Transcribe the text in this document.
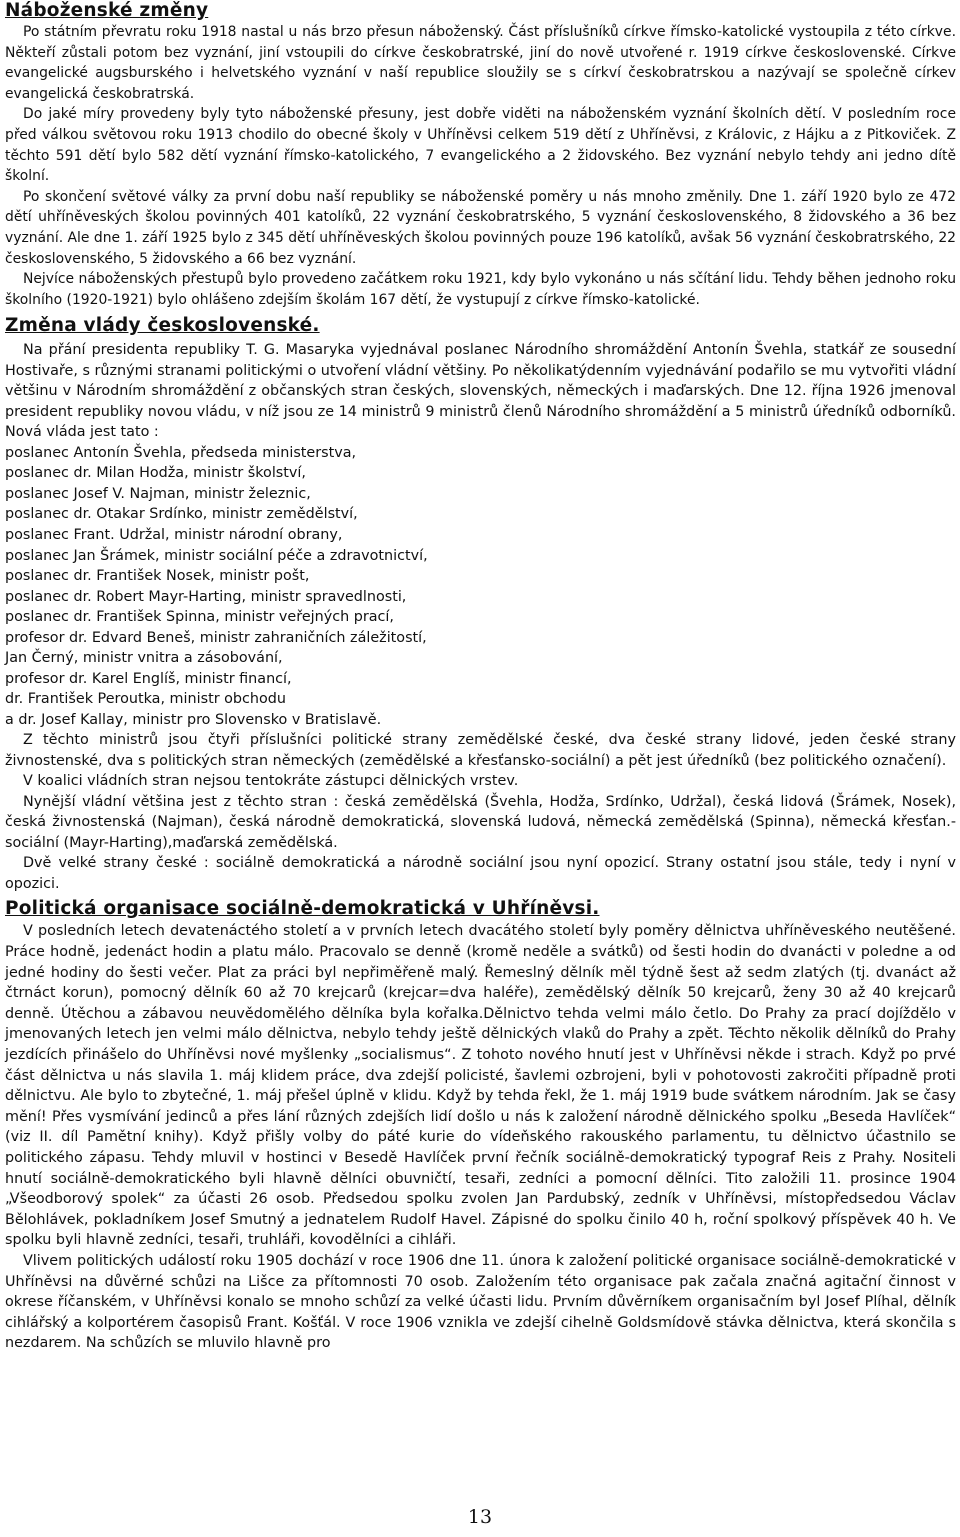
Náboženské změny

Po státním převratu roku 1918 nastal u nás brzo přesun náboženský. Část příslušníků církve římsko-katolické vystoupila z této církve. Někteří zůstali potom bez vyznání, jiní vstoupili do církve českobratrské, jiní do nově utvořené r. 1919 církve československé. Církve evangelické augsburského i helvetského vyznání v naší republice sloužily se s církví českobratrskou a nazývají se společně církev evangelická českobratrská.

Do jaké míry provedeny byly tyto náboženské přesuny, jest dobře viděti na náboženském vyznání školních dětí. V posledním roce před válkou světovou roku 1913 chodilo do obecné školy v Uhříněvsi celkem 519 dětí z Uhříněvsi, z Královic, z Hájku a z Pitkoviček. Z těchto 591 dětí bylo 582 dětí vyznání římsko-katolického, 7 evangelického a 2 židovského. Bez vyznání nebylo tehdy ani jedno dítě školní.

Po skončení světové války za první dobu naší republiky se náboženské poměry u nás mnoho změnily. Dne 1. září 1920 bylo ze 472 dětí uhříněveských školou povinných 401 katolíků, 22 vyznání českobratrského, 5 vyznání československého, 8 židovského a 36 bez vyznání. Ale dne 1. září 1925 bylo z 345 dětí uhříněveských školou povinných pouze 196 katolíků, avšak 56 vyznání českobratrského, 22 československého, 5 židovského a 66 bez vyznání.

Nejvíce náboženských přestupů bylo provedeno začátkem roku 1921, kdy bylo vykonáno u nás sčítání lidu. Tehdy běhen jednoho roku školního (1920-1921) bylo ohlášeno zdejším školám 167 dětí, že vystupují z církve římsko-katolické.

Změna vlády československé.

Na přání presidenta republiky T. G. Masaryka vyjednával poslanec Národního shromáždění Antonín Švehla, statkář ze sousední Hostivaře, s různými stranami politickými o utvoření vládní většiny. Po několikatýdenním vyjednávání podařilo se mu vytvořiti vládní většinu v Národním shromáždění z občanských stran českých, slovenských, německých i maďarských. Dne 12. října 1926 jmenoval president republiky novou vládu, v níž jsou ze 14 ministrů 9 ministrů členů Národního shromáždění a 5 ministrů úředníků odborníků. Nová vláda jest tato :

poslanec Antonín Švehla, předseda ministerstva,
poslanec dr. Milan Hodža, ministr školství,
poslanec Josef V. Najman, ministr železnic,
poslanec dr. Otakar Srdínko, ministr zemědělství,
poslanec Frant. Udržal, ministr národní obrany,
poslanec Jan Šrámek, ministr sociální péče a zdravotnictví,
poslanec dr. František Nosek, ministr pošt,
poslanec dr. Robert Mayr-Harting, ministr spravedlnosti,
poslanec dr. František Spinna, ministr veřejných prací,
profesor dr. Edvard Beneš, ministr zahraničních záležitostí,
Jan Černý, ministr vnitra a zásobování,
profesor dr. Karel Englíš, ministr financí,
dr. František Peroutka, ministr obchodu
a dr. Josef Kallay, ministr pro Slovensko v Bratislavě.

Z těchto ministrů jsou čtyři příslušníci politické strany zemědělské české, dva české strany lidové, jeden české strany živnostenské, dva s politických stran německých (zemědělské a křesťansko-sociální) a pět jest úředníků (bez politického označení).

V koalici vládních stran nejsou tentokráte zástupci dělnických vrstev.

Nynější vládní většina jest z těchto stran : česká zemědělská (Švehla, Hodža, Srdínko, Udržal), česká lidová (Šrámek, Nosek), česká živnostenská (Najman), česká národně demokratická, slovenská ludová, německá zemědělská (Spinna), německá křesťan.-sociální (Mayr-Harting),maďarská zemědělská.

Dvě velké strany české : sociálně demokratická a národně sociální jsou nyní opozicí. Strany ostatní jsou stále, tedy i nyní v opozici.

Politická organisace sociálně-demokratická v Uhříněvsi.

V posledních letech devatenáctého století a v prvních letech dvacátého století byly poměry dělnictva uhříněveského neutěšené. Práce hodně, jedenáct hodin a platu málo. Pracovalo se denně (kromě neděle a svátků) od šesti hodin do dvanácti v poledne a od jedné hodiny do šesti večer. Plat za práci byl nepřiměřeně malý. Řemeslný dělník měl týdně šest až sedm zlatých (tj. dvanáct až čtrnáct korun), pomocný dělník 60 až 70 krejcarů (krejcar=dva haléře), zemědělský dělník 50 krejcarů, ženy 30 až 40 krejcarů denně. Útěchou a zábavou neuvědomělého dělníka byla kořalka.Dělnictvo tehda velmi málo četlo. Do Prahy za prací dojíždělo v jmenovaných letech jen velmi málo dělnictva, nebylo tehdy ještě dělnických vlaků do Prahy a zpět. Těchto několik dělníků do Prahy jezdících přinášelo do Uhříněvsi nové myšlenky „socialismus“. Z tohoto nového hnutí jest v Uhříněvsi někde i strach. Když po prvé část dělnictva u nás slavila 1. máj klidem práce, dva zdejší policisté, šavlemi ozbrojeni, byli v pohotovosti zakročiti případně proti dělnictvu. Ale bylo to zbytečné, 1. máj přešel úplně v klidu. Když by tehda řekl, že 1. máj 1919 bude svátkem národním. Jak se časy mění! Přes vysmívání jedinců a přes lání různých zdejších lidí došlo u nás k založení národně dělnického spolku „Beseda Havlíček“ (viz II. díl Pamětní knihy). Když přišly volby do páté kurie do vídeňského rakouského parlamentu, tu dělnictvo účastnilo se politického zápasu. Tehdy mluvil v hostinci v Besedě Havlíček první řečník sociálně-demokratický typograf Reis z Prahy. Nositeli hnutí sociálně-demokratického byli hlavně dělníci obuvničtí, tesaři, zedníci a pomocní dělníci. Tito založili 11. prosince 1904 „Všeodborový spolek“ za účasti 26 osob. Předsedou spolku zvolen Jan Pardubský, zedník v Uhříněvsi, místopředsedou Václav Bělohlávek, pokladníkem Josef Smutný a jednatelem Rudolf Havel. Zápisné do spolku činilo 40 h, roční spolkový příspěvek 40 h. Ve spolku byli hlavně zedníci, tesaři, truhláři, kovodělníci a cihláři.

Vlivem politických událostí roku 1905 dochází v roce 1906 dne 11. února k založení politické organisace sociálně-demokratické v Uhříněvsi na důvěrné schůzi na Lišce za přítomnosti 70 osob. Založením této organisace pak začala značná agitační činnost v okrese říčanském, v Uhříněvsi konalo se mnoho schůzí za velké účasti lidu. Prvním důvěrníkem organisačním byl Josef Plíhal, dělník cihlářský a kolportérem časopisů Frant. Košťál. V roce 1906 vznikla ve zdejší cihelně Goldsmídově stávka dělnictva, která skončila s nezdarem. Na schůzích se mluvilo hlavně pro

13
